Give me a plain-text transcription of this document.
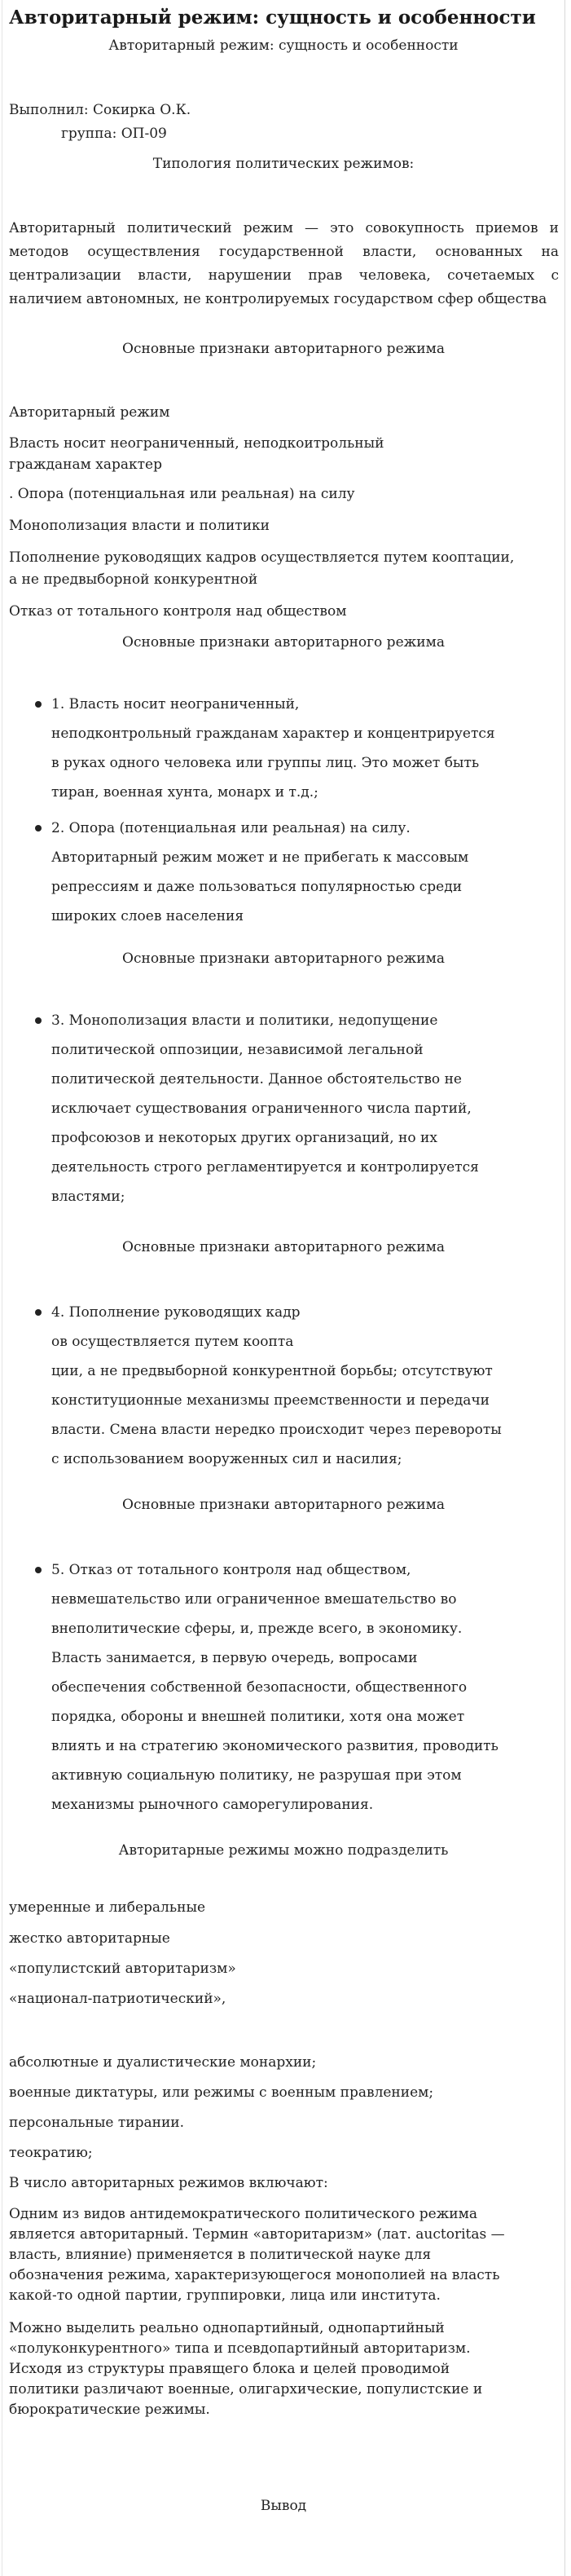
Авторитарный режим: сущность и особенности
Авторитарный режим: сущность и особенности
Выполнил: Сокирка О.К.
группа: ОП-09
Типология политических режимов:
Авторитарный политический режим — это совокупность приемов и методов осуществления государственной власти, основанных на централизации власти, нарушении прав человека, сочетаемых с наличием автономных, не контролируемых государством сфер общества
Основные признаки авторитарного режима
Авторитарный режим
Власть носит неограниченный, неподкоитрольный
гражданам характер
. Опора (потенциальная или реальная) на силу
Монополизация власти и политики
Пополнение руководящих кадров осуществляется путем кооптации,
а не предвыборной конкурентной
Отказ от тотального контроля над обществом
Основные признаки авторитарного режима
1. Власть носит неограниченный,
неподконтрольный гражданам характер и концентрируется
в руках одного человека или группы лиц. Это может быть
тиран, военная хунта, монарх и т.д.;
2. Опора (потенциальная или реальная) на силу.
Авторитарный режим может и не прибегать к массовым
репрессиям и даже пользоваться популярностью среди
широких слоев населения
Основные признаки авторитарного режима
3. Монополизация власти и политики, недопущение
политической оппозиции, независимой легальной
политической деятельности. Данное обстоятельство не
исключает существования ограниченного числа партий,
профсоюзов и некоторых других организаций, но их
деятельность строго регламентируется и контролируется
властями;
Основные признаки авторитарного режима
4. Пополнение руководящих кадр
ов осуществляется путем коопта
ции, а не предвыборной конкурентной борьбы; отсутствуют
конституционные механизмы преемственности и передачи
власти. Смена власти нередко происходит через перевороты
с использованием вооруженных сил и насилия;
Основные признаки авторитарного режима
5. Отказ от тотального контроля над обществом,
невмешательство или ограниченное вмешательство во
внеполитические сферы, и, прежде всего, в экономику.
Власть занимается, в первую очередь, вопросами
обеспечения собственной безопасности, общественного
порядка, обороны и внешней политики, хотя она может
влиять и на стратегию экономического развития, проводить
активную социальную политику, не разрушая при этом
механизмы рыночного саморегулирования.
Авторитарные режимы можно подразделить
умеренные и либеральные
жестко авторитарные
«популистский авторитаризм»
«национал-патриотический»,
абсолютные и дуалистические монархии;
военные диктатуры, или режимы с военным правлением;
персональные тирании.
теократию;
В число авторитарных режимов включают:
Одним из видов антидемократического политического режима
является авторитарный. Термин «авторитаризм» (лат. auctoritas —
власть, влияние) применяется в политической науке для
обозначения режима, характеризующегося монополией на власть
какой-то одной партии, группировки, лица или института.
Можно выделить реально однопартийный, однопартийный
«полуконкурентного» типа и псевдопартийный авторитаризм.
Исходя из структуры правящего блока и целей проводимой
политики различают военные, олигархические, популистские и
бюрократические режимы.
Вывод
